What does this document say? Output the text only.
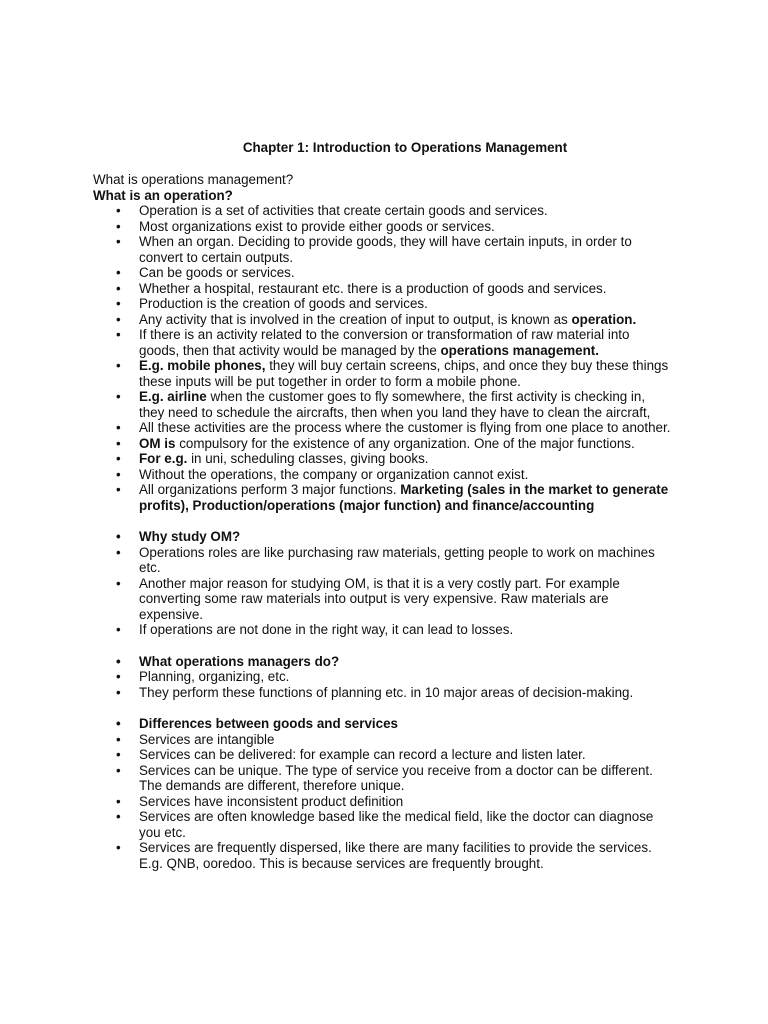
Chapter 1: Introduction to Operations Management

What is operations management?

What is an operation?

• Operation is a set of activities that create certain goods and services.
• Most organizations exist to provide either goods or services.
• When an organ. Deciding to provide goods, they will have certain inputs, in order to convert to certain outputs.
• Can be goods or services.
• Whether a hospital, restaurant etc. there is a production of goods and services.
• Production is the creation of goods and services.
• Any activity that is involved in the creation of input to output, is known as operation.
• If there is an activity related to the conversion or transformation of raw material into goods, then that activity would be managed by the operations management.
• E.g. mobile phones, they will buy certain screens, chips, and once they buy these things these inputs will be put together in order to form a mobile phone.
• E.g. airline when the customer goes to fly somewhere, the first activity is checking in, they need to schedule the aircrafts, then when you land they have to clean the aircraft,
• All these activities are the process where the customer is flying from one place to another.
• OM is compulsory for the existence of any organization. One of the major functions.
• For e.g. in uni, scheduling classes, giving books.
• Without the operations, the company or organization cannot exist.
• All organizations perform 3 major functions. Marketing (sales in the market to generate profits), Production/operations (major function) and finance/accounting
• Why study OM?
• Operations roles are like purchasing raw materials, getting people to work on machines etc.
• Another major reason for studying OM, is that it is a very costly part. For example converting some raw materials into output is very expensive. Raw materials are expensive.
• If operations are not done in the right way, it can lead to losses.
• What operations managers do?
• Planning, organizing, etc.
• They perform these functions of planning etc. in 10 major areas of decision-making.
• Differences between goods and services
• Services are intangible
• Services can be delivered: for example can record a lecture and listen later.
• Services can be unique. The type of service you receive from a doctor can be different. The demands are different, therefore unique.
• Services have inconsistent product definition
• Services are often knowledge based like the medical field, like the doctor can diagnose you etc.
• Services are frequently dispersed, like there are many facilities to provide the services. E.g. QNB, ooredoo. This is because services are frequently brought.
